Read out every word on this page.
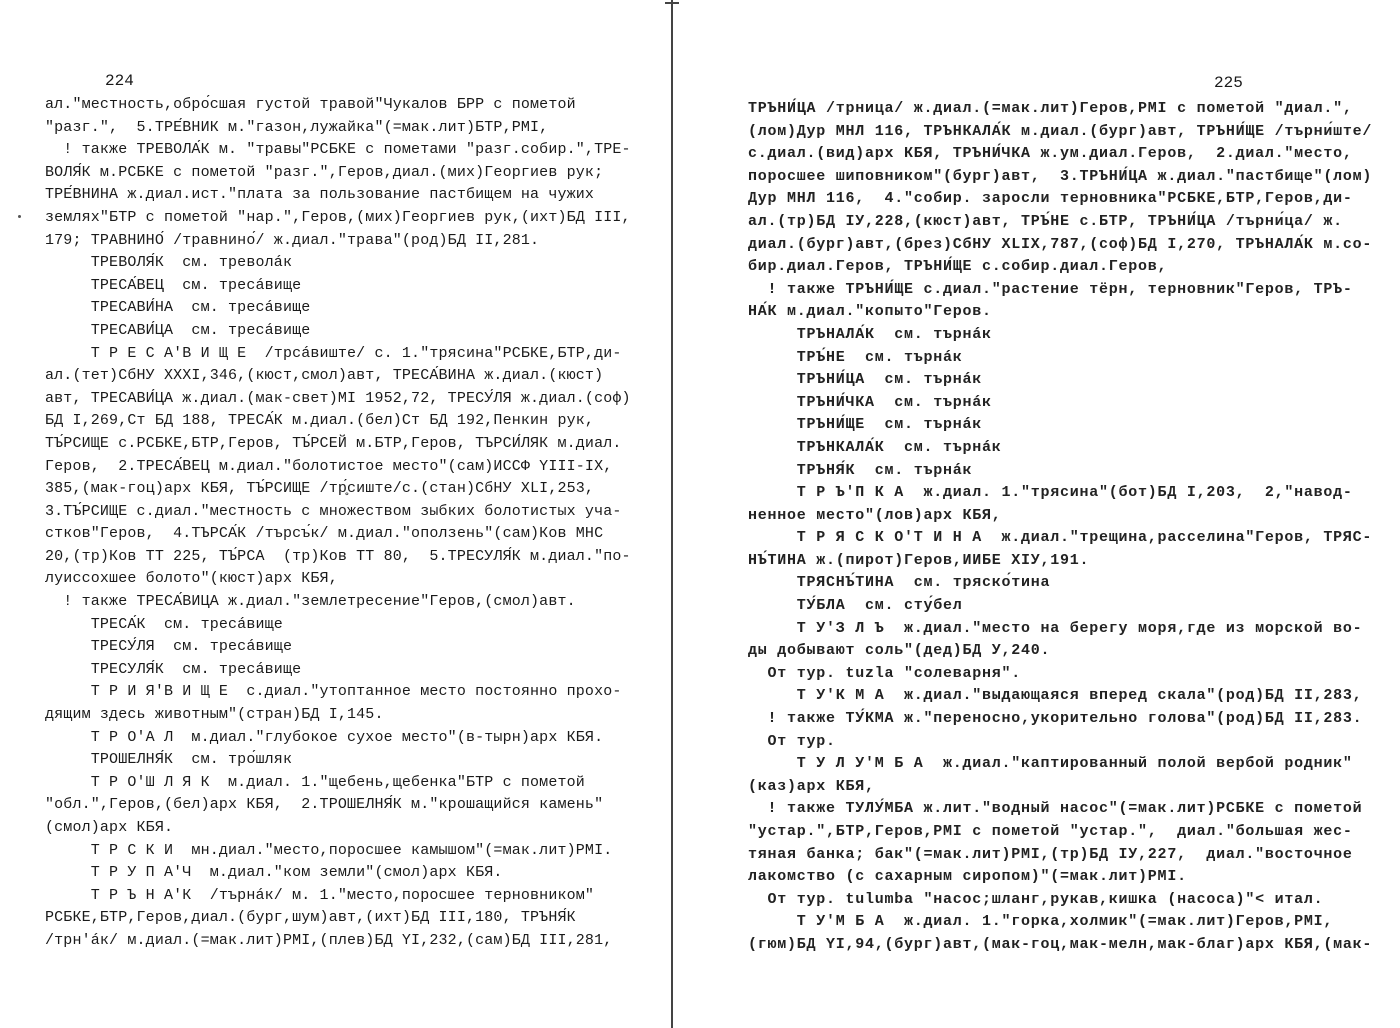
224	225
ал."местность,обро́сшая густой травой"Чукалов БРР с пометой
"разг.",  5.ТРЕ́ВНИК м."газон,лужайка"(=мак.лит)БТР,РМI,
! также ТРЕВОЛА́К м. "травы"РСБКЕ с пометами "разг.собир.",ТРЕ-
ВОЛЯ́К м.РСБКЕ с пометой "разг.",Геров,диал.(мих)Георгиев рук;
ТРЕ́ВНИНА ж.диал.ист."плата за пользование пастбищем на чужих
землях"БТР с пометой "нар.",Геров,(мих)Георгиев рук,(ихт)БД III,
179; ТРАВНИНО́ /травнино́/ ж.диал."трава"(род)БД II,281.
ТРЕВОЛЯ́К  см. треволáк
ТРЕСА́ВЕЦ  см. тресáвище
ТРЕСАВИ́НА  см. тресáвище
ТРЕСАВИ́ЦА  см. тресáвище
Т Р Е С А'В И Щ Е  /трсáвиште/ с. 1."трясина"РСБКЕ,БТР,ди-
ал.(тет)СбНУ XXXI,346,(кюст,смол)авт, ТРЕСА́ВИНА ж.диал.(кюст)
авт, ТРЕСАВИ́ЦА ж.диал.(мак-свет)МI 1952,72, ТРЕСУ́ЛЯ ж.диал.(соф)
БД I,269,Ст БД 188, ТРЕСА́К м.диал.(бел)Ст БД 192,Пенкин рук,
ТЪ́РСИЩЕ с.РСБКЕ,БТР,Геров, ТЪ́РСЕЙ м.БТР,Геров, ТЪРСИ́ЛЯК м.диал.
Геров,  2.ТРЕСА́ВЕЦ м.диал."болотистое место"(сам)ИССФ YIII-IX,
385,(мак-гоц)арх КБЯ, ТЪ́РСИЩЕ /тр̥́сиште/с.(стан)СбНУ XLI,253,
3.ТЪ́РСИЩЕ с.диал."местность с множеством зыбких болотистых уча-
стков"Геров,  4.ТЪРСА́К /търсъ́к/ м.диал."оползень"(сам)Ков МНС
20,(тр)Ков ТТ 225, ТЪ́РСА  (тр)Ков ТТ 80,  5.ТРЕСУЛЯ́К м.диал."по-
луиссохшее болото"(кюст)арх КБЯ,
! также ТРЕСА́ВИЦА ж.диал."землетресение"Геров,(смол)авт.
ТРЕСА́К  см. тресáвище
ТРЕСУ́ЛЯ  см. тресáвище
ТРЕСУЛЯ́К  см. тресáвище
Т Р И Я'В И Щ Е  с.диал."утоптанное место постоянно прохо-
дящим здесь животным"(стран)БД I,145.
Т Р О'А Л  м.диал."глубокое сухое место"(в-тырн)арх КБЯ.
ТРОШЕЛНЯ́К  см. тро́шляк
Т Р О'Ш Л Я К  м.диал. 1."щебень,щебенка"БТР с пометой
"обл.",Геров,(бел)арх КБЯ,  2.ТРОШЕЛНЯ́К м."крошащийся камень"
(смол)арх КБЯ.
Т Р С К И  мн.диал."место,поросшее камышом"(=мак.лит)РМI.
Т Р У П А'Ч  м.диал."ком земли"(смол)арх КБЯ.
Т Р Ъ Н А'К  /търнáк/ м. 1."место,поросшее терновником"
РСБКЕ,БТР,Геров,диал.(бург,шум)авт,(ихт)БД III,180, ТРЪНЯ́К
/трн'áк/ м.диал.(=мак.лит)РМI,(плев)БД YI,232,(сам)БД III,281,
ТРЪНИ́ЦА /трница/ ж.диал.(=мак.лит)Геров,РМI с пометой "диал.",
(лом)Дур МНЛ 116, ТРЪНКАЛА́К м.диал.(бург)авт, ТРЪНИ́ЩЕ /търни́ште/
с.диал.(вид)арх КБЯ, ТРЪНИ́ЧКА ж.ум.диал.Геров,  2.диал."место,
поросшее шиповником"(бург)авт,  3.ТРЪНИ́ЦА ж.диал."пастбище"(лом)
Дур МНЛ 116,  4."собир. заросли терновника"РСБКЕ,БТР,Геров,ди-
ал.(тр)БД IУ,228,(кюст)авт, ТРЪ́НЕ с.БТР, ТРЪНИ́ЦА /търни́ца/ ж.
диал.(бург)авт,(брез)СбНУ XLIX,787,(соф)БД I,270, ТРЪНАЛА́К м.со-
бир.диал.Геров, ТРЪНИ́ЩЕ с.собир.диал.Геров,
! также ТРЪНИ́ЩЕ с.диал."растение тёрн, терновник"Геров, ТРЪ-
НА́К м.диал."копыто"Геров.
ТРЪНАЛА́К  см. търнáк
ТРЪ́НЕ  см. търнáк
ТРЪНИ́ЦА  см. търнáк
ТРЪНИ́ЧКА  см. търнáк
ТРЪНИ́ЩЕ  см. търнáк
ТРЪНКАЛА́К  см. търнáк
ТРЪНЯ́К  см. търнáк
Т Р Ъ'П К А  ж.диал. 1."трясина"(бот)БД I,203,  2,"навод-
ненное место"(лов)арх КБЯ,
Т Р Я С К О'Т И Н А  ж.диал."трещина,расселина"Геров, ТРЯС-
НЪ́ТИНА ж.(пирот)Геров,ИИБЕ XIУ,191.
ТРЯСНЪ́ТИНА  см. тряско́тина
ТУ́БЛА  см. сту́бел
Т У'З Л Ъ  ж.диал."место на берегу моря,где из морской во-
ды добывают соль"(дед)БД У,240.
От тур. tuzla "солеварня".
Т У'К М А  ж.диал."выдающаяся вперед скала"(род)БД II,283,
! также ТУ́КМА ж."переносно,укорительно голова"(род)БД II,283.
От тур.
Т У Л У'М Б А  ж.диал."каптированный полой вербой родник"
(каз)арх КБЯ,
! также ТУЛУ́МБА ж.лит."водный насос"(=мак.лит)РСБКЕ с пометой
"устар.",БТР,Геров,РМI с пометой "устар.",  диал."большая жес-
тяная банка; бак"(=мак.лит)РМI,(тр)БД IУ,227,  диал."восточное
лакомство (с сахарным сиропом)"(=мак.лит)РМI.
От тур. tulumba "насос;шланг,рукав,кишка (насоса)"< итал.
Т У'М Б А  ж.диал. 1."горка,холмик"(=мак.лит)Геров,РМI,
(гюм)БД YI,94,(бург)авт,(мак-гоц,мак-мелн,мак-благ)арх КБЯ,(мак-
